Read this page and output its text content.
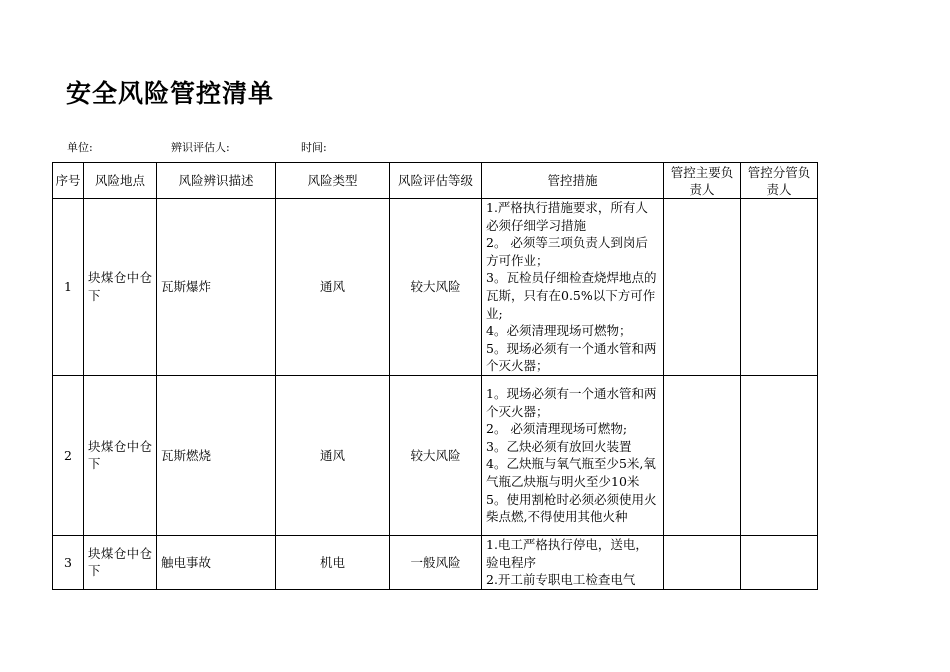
安全风险管控清单
单位:	辨识评估人:	时间:
序号	风险地点	风险辨识描述	风险类型	风险评估等级	管控措施	管控主要负责人	管控分管负责人
1	块煤仓中仓下	瓦斯爆炸	通风	较大风险	1.严格执行措施要求，所有人必须仔细学习措施
2。 必须等三项负责人到岗后方可作业；
3。瓦检员仔细检查烧焊地点的瓦斯，只有在0.5%以下方可作业;
4。必须清理现场可燃物；
5。现场必须有一个通水管和两个灭火器；		

2	块煤仓中仓下	瓦斯燃烧	通风	较大风险	1。现场必须有一个通水管和两个灭火器；
2。 必须清理现场可燃物;
3。乙炔必须有放回火装置
4。乙炔瓶与氧气瓶至少5米,氧气瓶乙炔瓶与明火至少10米
5。使用割枪时必须必须使用火柴点燃,不得使用其他火种		

3	块煤仓中仓下	触电事故	机电	一般风险	1.电工严格执行停电，送电，验电程序
2.开工前专职电工检查电气		
